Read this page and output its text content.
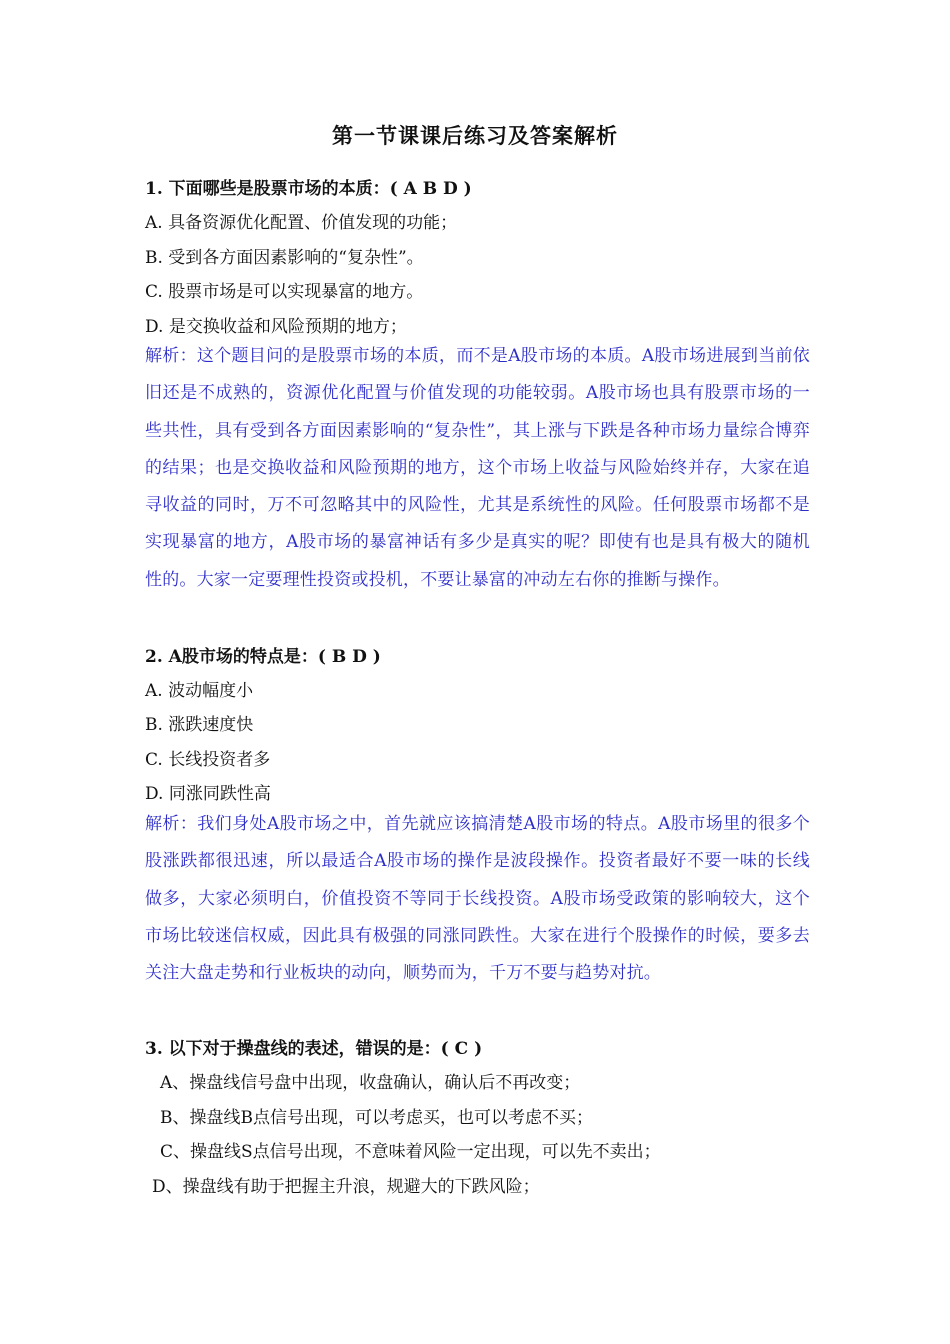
第一节课课后练习及答案解析
1. 下面哪些是股票市场的本质：( A B D )
A. 具备资源优化配置、价值发现的功能；
B. 受到各方面因素影响的“复杂性”。
C. 股票市场是可以实现暴富的地方。
D. 是交换收益和风险预期的地方；
解析：这个题目问的是股票市场的本质，而不是A股市场的本质。A股市场进展到当前依旧还是不成熟的，资源优化配置与价值发现的功能较弱。A股市场也具有股票市场的一些共性，具有受到各方面因素影响的“复杂性”，其上涨与下跌是各种市场力量综合博弈的结果；也是交换收益和风险预期的地方，这个市场上收益与风险始终并存，大家在追寻收益的同时，万不可忽略其中的风险性，尤其是系统性的风险。任何股票市场都不是实现暴富的地方，A股市场的暴富神话有多少是真实的呢？即使有也是具有极大的随机性的。大家一定要理性投资或投机，不要让暴富的冲动左右你的推断与操作。
2. A股市场的特点是：( B D )
A. 波动幅度小
B. 涨跌速度快
C. 长线投资者多
D. 同涨同跌性高
解析：我们身处A股市场之中，首先就应该搞清楚A股市场的特点。A股市场里的很多个股涨跌都很迅速，所以最适合A股市场的操作是波段操作。投资者最好不要一味的长线做多，大家必须明白，价值投资不等同于长线投资。A股市场受政策的影响较大，这个市场比较迷信权威，因此具有极强的同涨同跌性。大家在进行个股操作的时候，要多去关注大盘走势和行业板块的动向，顺势而为，千万不要与趋势对抗。
3. 以下对于操盘线的表述，错误的是：( C )
A、操盘线信号盘中出现，收盘确认，确认后不再改变；
B、操盘线B点信号出现，可以考虑买，也可以考虑不买；
C、操盘线S点信号出现，不意味着风险一定出现，可以先不卖出；
D、操盘线有助于把握主升浪，规避大的下跌风险；
